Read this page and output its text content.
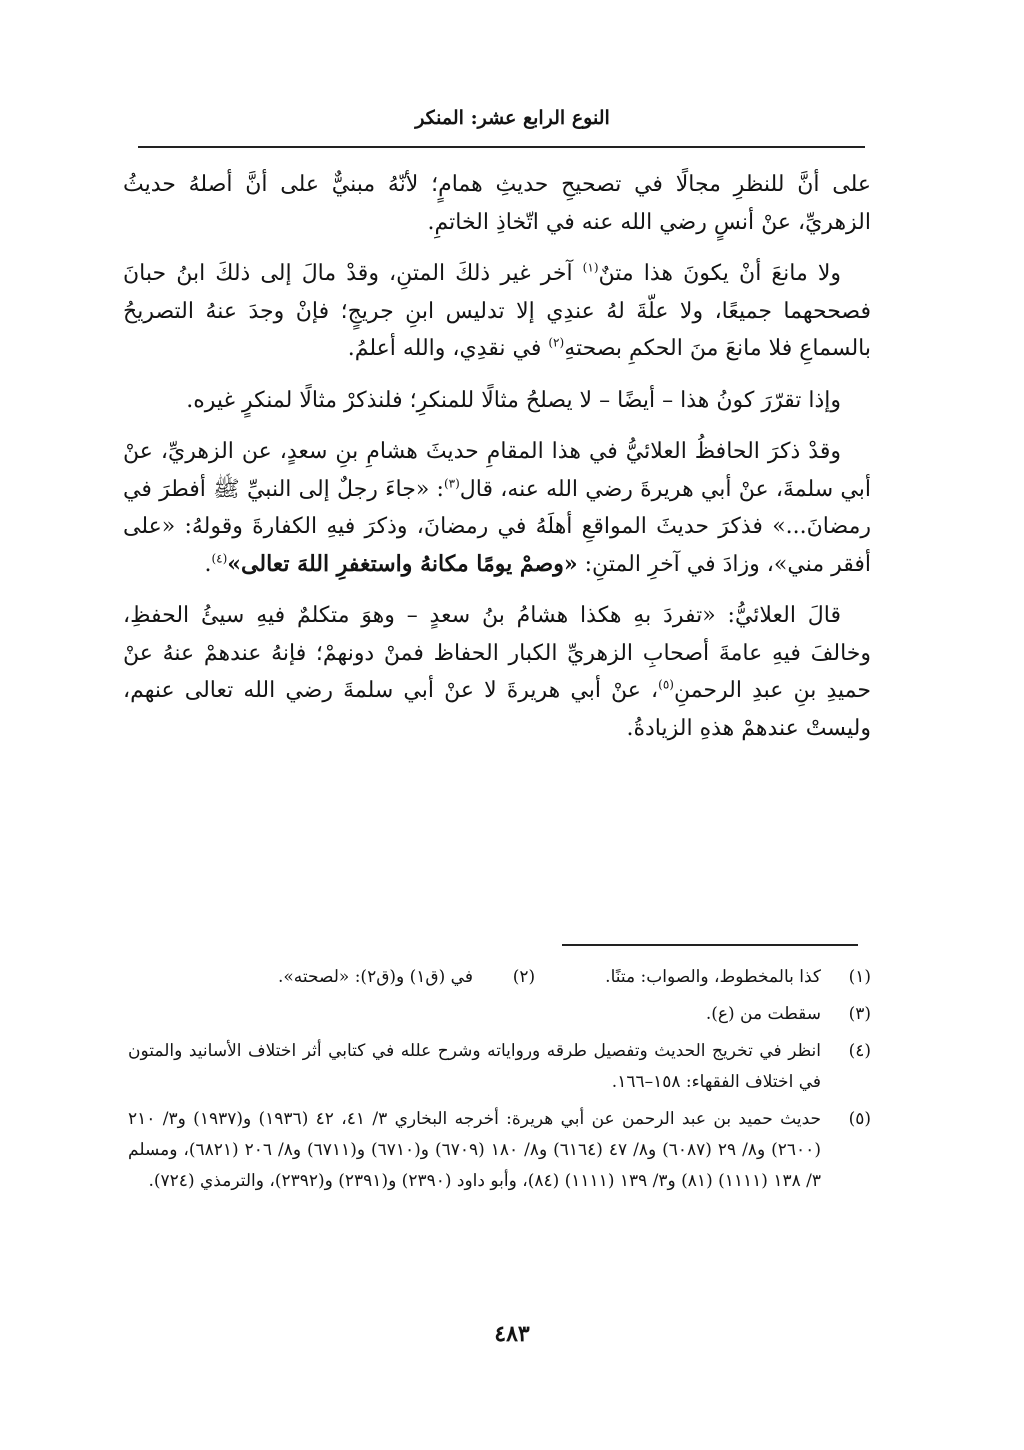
النوع الرابع عشر: المنكر

على أنَّ للنظرِ مجالًا في تصحيحِ حديثِ همامٍ؛ لأنّهُ مبنيٌّ على أنَّ أصلهُ حديثُ الزهريِّ، عنْ أنسٍ رضي الله عنه في اتّخاذِ الخاتمِ.

ولا مانعَ أنْ يكونَ هذا متنٌ$^{(١)}$ آخر غير ذلكَ المتنِ، وقدْ مالَ إلى ذلكَ ابنُ حبانَ فصححهما جميعًا، ولا علّةَ لهُ عندِي إلا تدليس ابنِ جريجٍ؛ فإنْ وجدَ عنهُ التصريحُ بالسماعِ فلا مانعَ منَ الحكمِ بصحتهِ$^{(٢)}$ في نقدِي، والله أعلمُ.

وإذا تقرّرَ كونُ هذا – أيضًا – لا يصلحُ مثالًا للمنكرِ؛ فلنذكرْ مثالًا لمنكرٍ غيره.

وقدْ ذكرَ الحافظُ العلائيُّ في هذا المقامِ حديثَ هشامِ بنِ سعدٍ، عن الزهريِّ، عنْ أبي سلمةَ، عنْ أبي هريرةَ رضي الله عنه، قال$^{(٣)}$: «جاءَ رجلٌ إلى النبيِّ ﷺ أفطرَ في رمضانَ...» فذكرَ حديثَ المواقعِ أهلَهُ في رمضانَ، وذكرَ فيهِ الكفارةَ وقولهُ: «على أفقر مني»، وزادَ في آخرِ المتنِ: «وصمْ يومًا مكانهُ واستغفرِ اللهَ تعالى»$^{(٤)}$.

قالَ العلائيُّ: «تفردَ بهِ هكذا هشامُ بنُ سعدٍ – وهوَ متكلمٌ فيهِ سيئُ الحفظِ، وخالفَ فيهِ عامةَ أصحابِ الزهريِّ الكبار الحفاظ فمنْ دونهمْ؛ فإنهُ عندهمْ عنهُ عنْ حميدِ بنِ عبدِ الرحمنِ$^{(٥)}$، عنْ أبي هريرةَ لا عنْ أبي سلمةَ رضي الله تعالى عنهم، وليستْ عندهمْ هذهِ الزيادةُ.

(١)
كذا بالمخطوط، والصواب: متنًا.(٢)   في (ق١) و(ق٢): «لصحته».
(٣)
سقطت من (ع).
(٤)
انظر في تخريج الحديث وتفصيل طرقه ورواياته وشرح علله في كتابي أثر اختلاف الأسانيد والمتون في اختلاف الفقهاء: ١٥٨–١٦٦.
(٥)
حديث حميد بن عبد الرحمن عن أبي هريرة: أخرجه البخاري ٣/ ٤١، ٤٢ (١٩٣٦) و(١٩٣٧) و٣/ ٢١٠ (٢٦٠٠) و٨/ ٢٩ (٦٠٨٧) و٨/ ٤٧ (٦١٦٤) و٨/ ١٨٠ (٦٧٠٩) و(٦٧١٠) و(٦٧١١) و٨/ ٢٠٦ (٦٨٢١)، ومسلم ٣/ ١٣٨ (١١١١) (٨١) و٣/ ١٣٩ (١١١١) (٨٤)، وأبو داود (٢٣٩٠) و(٢٣٩١) و(٢٣٩٢)، والترمذي (٧٢٤).
٤٨٣
